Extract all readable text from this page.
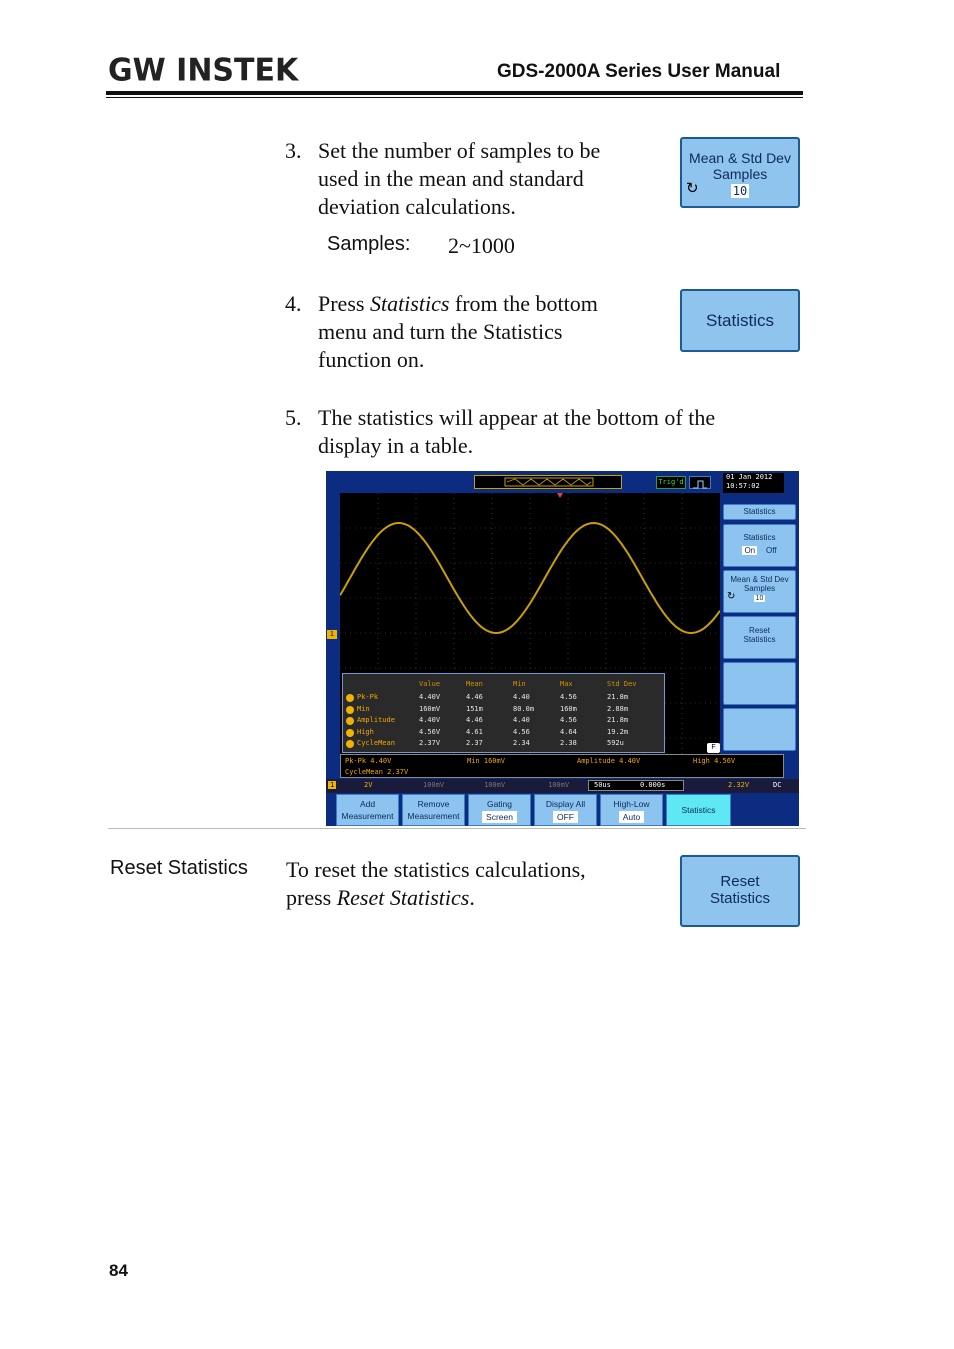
GW INSTEK	GDS-2000A Series User Manual
3. Set the number of samples to be
used in the mean and standard
deviation calculations.
Samples: 2~1000
Mean & Std Dev
Samples
↻	10
4. Press Statistics from the bottom
menu and turn the Statistics
function on.
Statistics
5. The statistics will appear at the bottom of the
display in a table.
Trig'd
01 Jan 2012
10:57:02
1
Value	Mean	Min	Max	Std Dev
Pk-Pk	4.40V	4.46	4.40	4.56	21.8m
Min	160mV	151m	80.0m	160m	2.88m
Amplitude	4.40V	4.46	4.40	4.56	21.8m
High	4.56V	4.61	4.56	4.64	19.2m
CycleMean	2.37V	2.37	2.34	2.38	592u
Pk-Pk 4.40V	Min 160mV	Amplitude 4.40V	High 4.56V
CycleMean 2.37V
1	2V	100mV	100mV	100mV	50us	0.000s	2.32V	DC
Statistics
Statistics
On Off
Mean & Std Dev
Samples
↻	10
Reset
Statistics
F
Add
Measurement
Remove
Measurement
Gating
Screen
Display All
OFF
High-Low
Auto
Statistics
Reset Statistics To reset the statistics calculations,
press Reset Statistics.
Reset
Statistics
84
